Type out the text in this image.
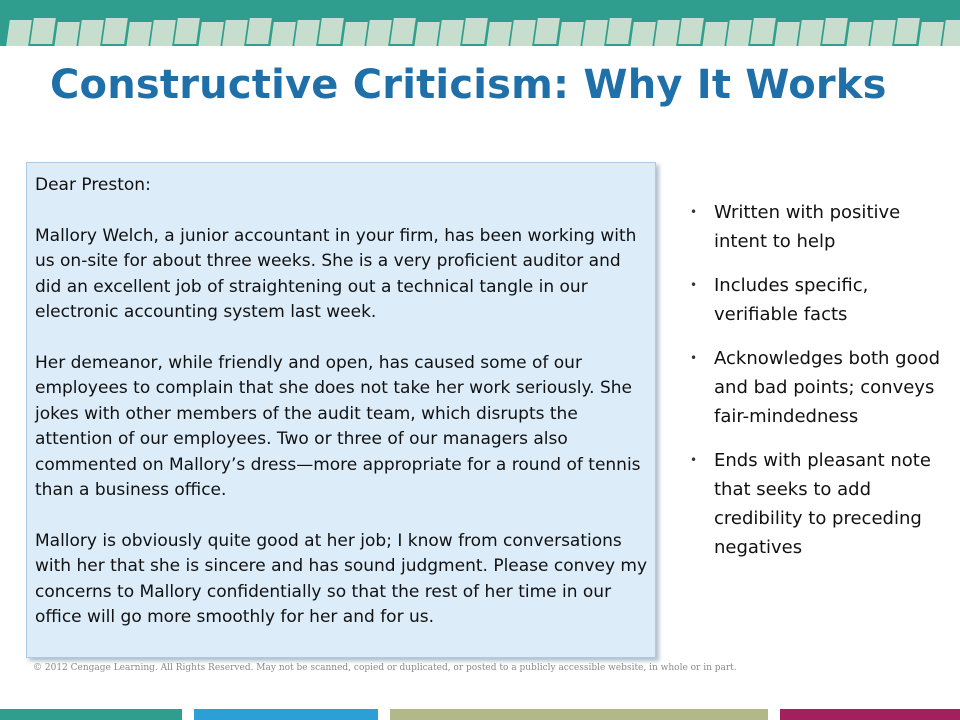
Constructive Criticism: Why It Works

Dear Preston:

Mallory Welch, a junior accountant in your firm, has been working with us on-site for about three weeks. She is a very proficient auditor and did an excellent job of straightening out a technical tangle in our electronic accounting system last week.

Her demeanor, while friendly and open, has caused some of our employees to complain that she does not take her work seriously. She jokes with other members of the audit team, which disrupts the attention of our employees. Two or three of our managers also commented on Mallory’s dress—more appropriate for a round of tennis than a business office.

Mallory is obviously quite good at her job; I know from conversations with her that she is sincere and has sound judgment. Please convey my concerns to Mallory confidentially so that the rest of her time in our office will go more smoothly for her and for us.

• Written with positive intent to help
• Includes specific, verifiable facts
• Acknowledges both good and bad points; conveys fair-mindedness
• Ends with pleasant note that seeks to add credibility to preceding negatives
© 2012 Cengage Learning. All Rights Reserved. May not be scanned, copied or duplicated, or posted to a publicly accessible website, in whole or in part.
